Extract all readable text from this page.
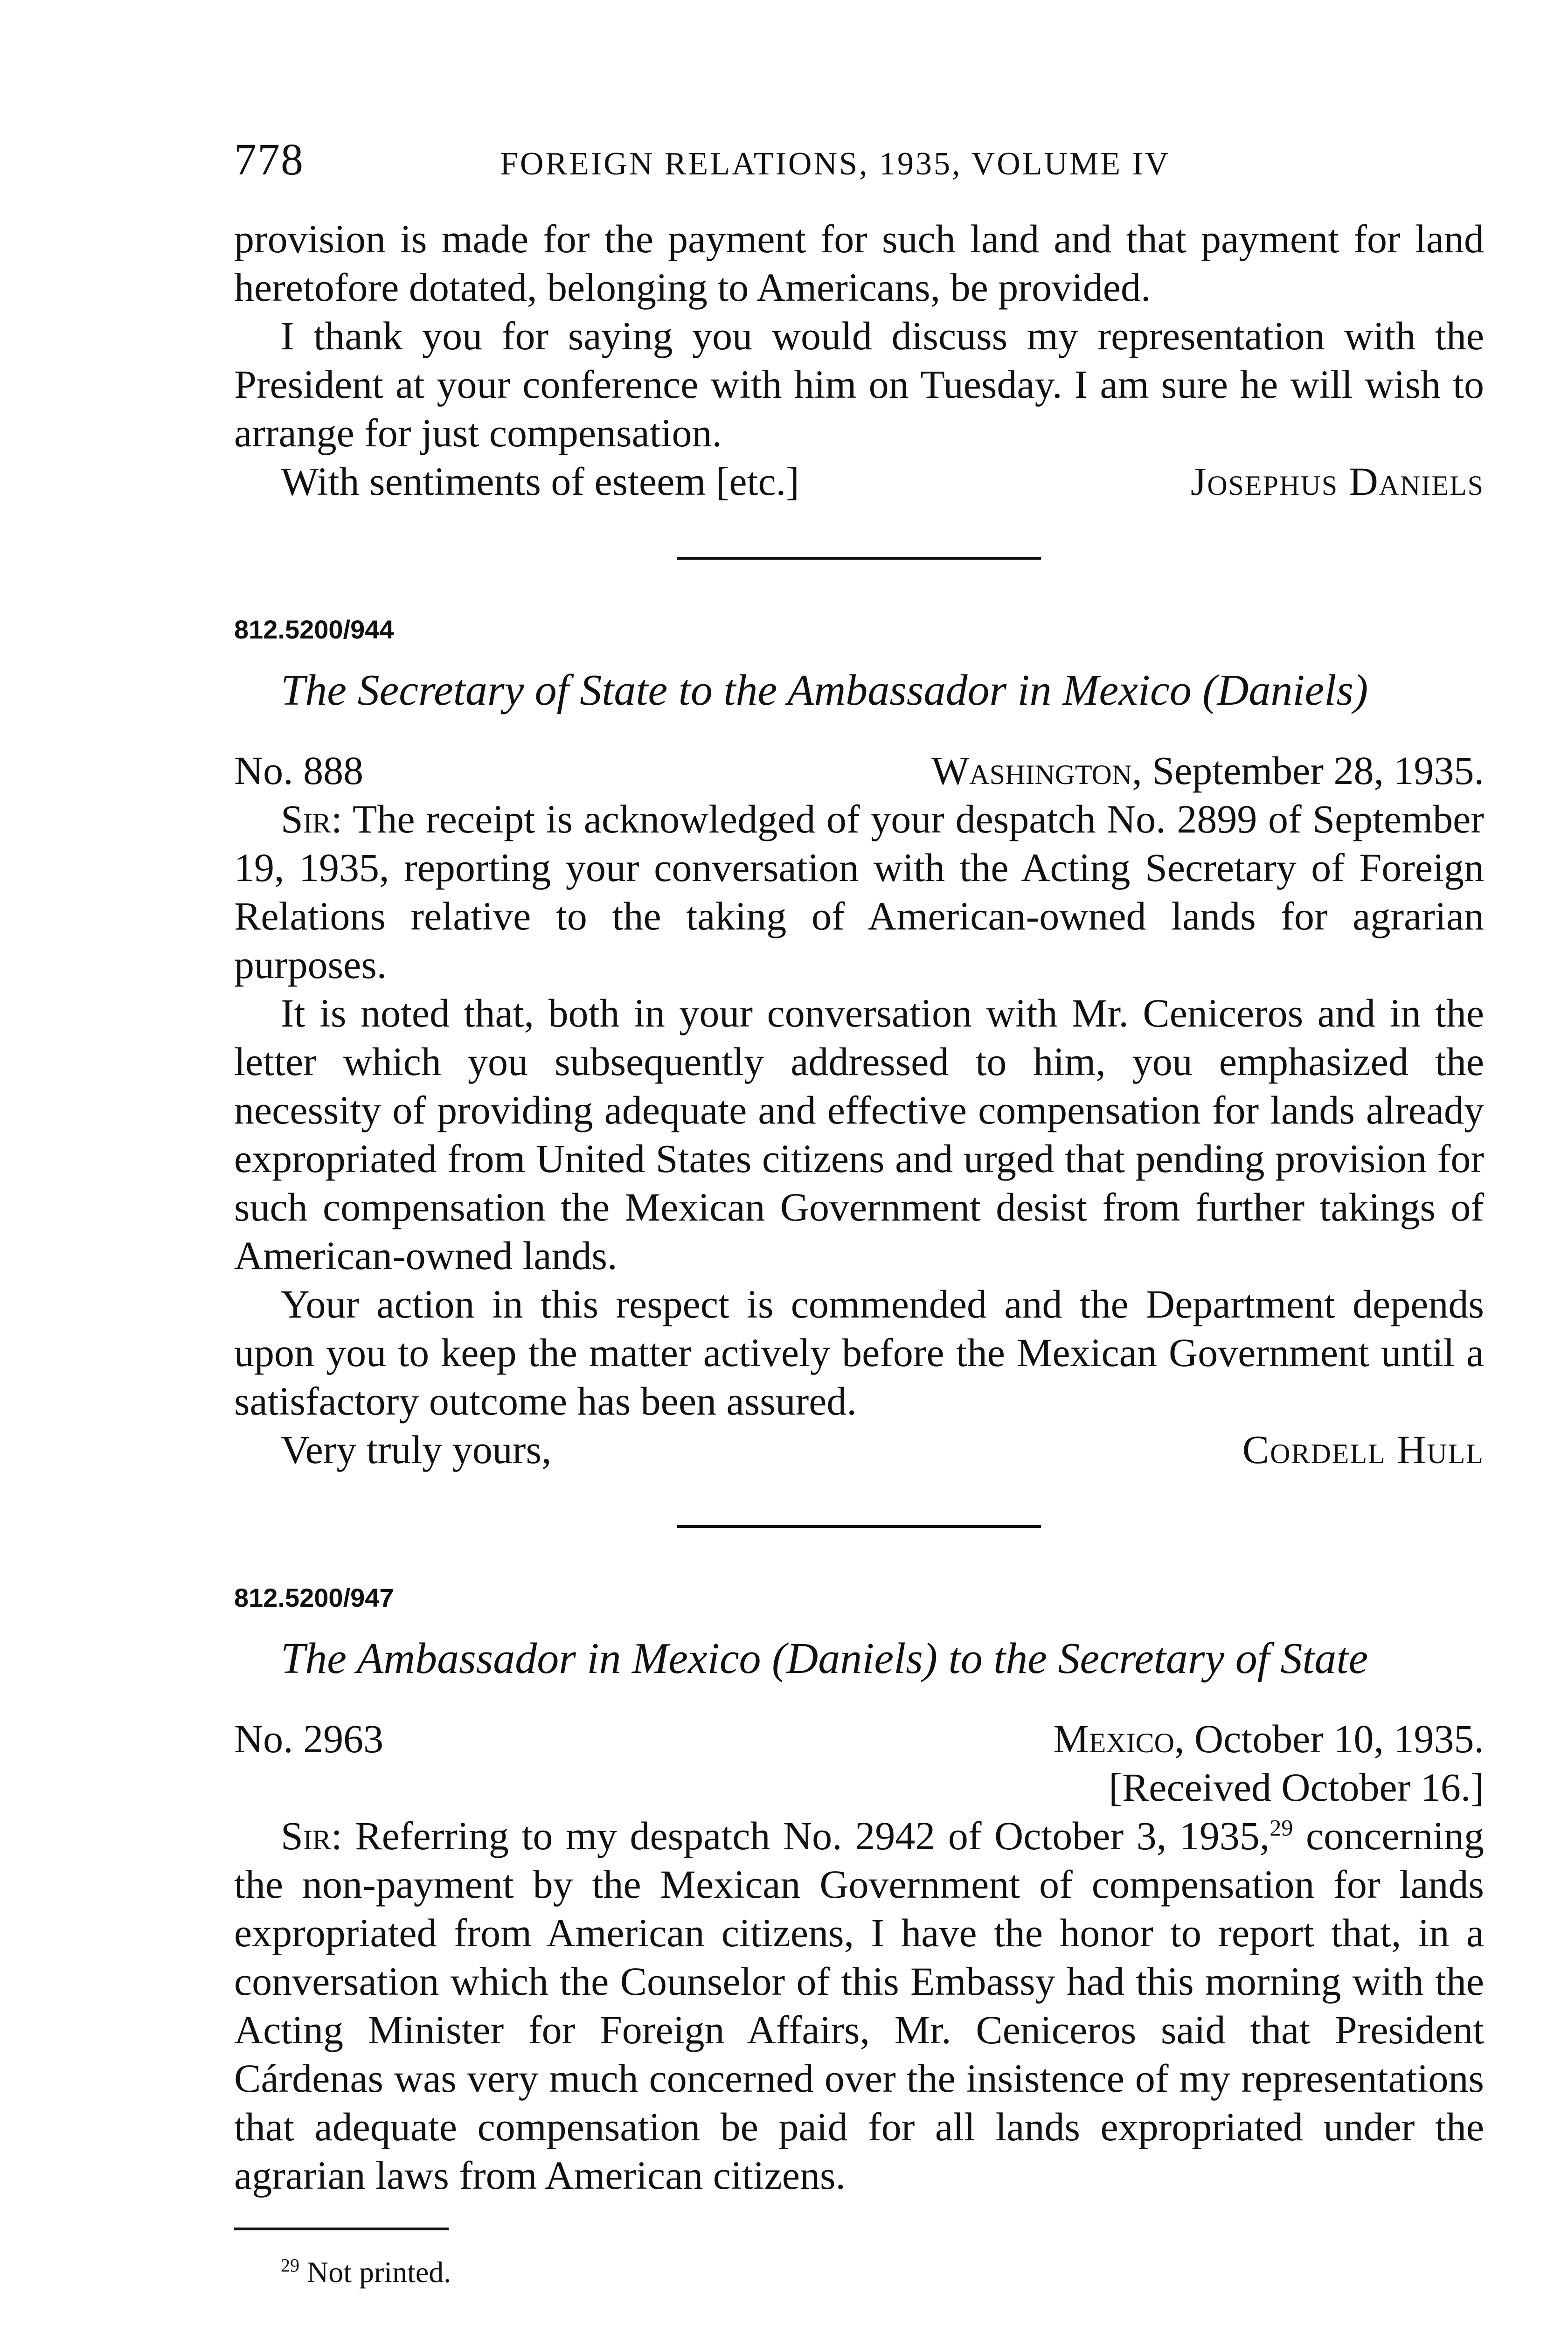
778	FOREIGN RELATIONS, 1935, VOLUME IV

provision is made for the payment for such land and that payment for land heretofore dotated, belonging to Americans, be provided.

I thank you for saying you would discuss my representation with the President at your conference with him on Tuesday. I am sure he will wish to arrange for just compensation.

With sentiments of esteem [etc.]	Josephus Daniels
812.5200/944
The Secretary of State to the Ambassador in Mexico (Daniels)
No. 888	Washington, September 28, 1935.

Sir: The receipt is acknowledged of your despatch No. 2899 of September 19, 1935, reporting your conversation with the Acting Secretary of Foreign Relations relative to the taking of American-owned lands for agrarian purposes.

It is noted that, both in your conversation with Mr. Ceniceros and in the letter which you subsequently addressed to him, you emphasized the necessity of providing adequate and effective compensation for lands already expropriated from United States citizens and urged that pending provision for such compensation the Mexican Government desist from further takings of American-owned lands.

Your action in this respect is commended and the Department depends upon you to keep the matter actively before the Mexican Government until a satisfactory outcome has been assured.

Very truly yours,	Cordell Hull
812.5200/947
The Ambassador in Mexico (Daniels) to the Secretary of State
No. 2963	Mexico, October 10, 1935.
[Received October 16.]

Sir: Referring to my despatch No. 2942 of October 3, 1935,29 concerning the non-payment by the Mexican Government of compensation for lands expropriated from American citizens, I have the honor to report that, in a conversation which the Counselor of this Embassy had this morning with the Acting Minister for Foreign Affairs, Mr. Ceniceros said that President Cárdenas was very much concerned over the insistence of my representations that adequate compensation be paid for all lands expropriated under the agrarian laws from American citizens.

$^{29}$ Not printed.
